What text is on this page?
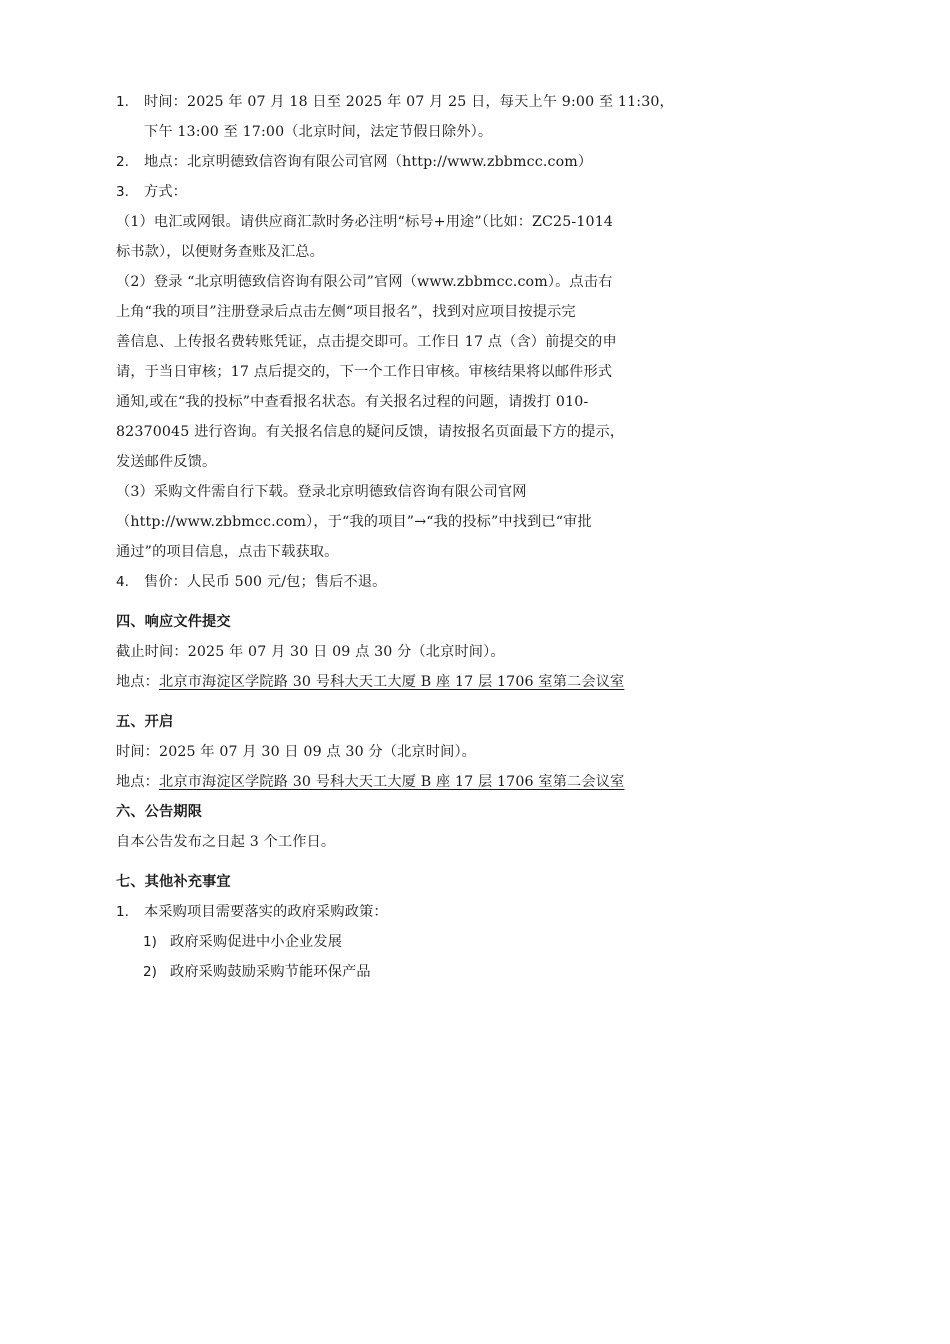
1. 时间：2025 年 07 月 18 日至 2025 年 07 月 25 日，每天上午 9:00 至 11:30，
下午 13:00 至 17:00（北京时间，法定节假日除外）。
2. 地点：北京明德致信咨询有限公司官网（http://www.zbbmcc.com）
3. 方式：
（1）电汇或网银。请供应商汇款时务必注明“标号+用途”（比如：ZC25-1014
标书款），以便财务查账及汇总。
（2）登录 “北京明德致信咨询有限公司”官网（www.zbbmcc.com）。点击右
上角“我的项目”注册登录后点击左侧“项目报名”，找到对应项目按提示完
善信息、上传报名费转账凭证，点击提交即可。工作日 17 点（含）前提交的申
请，于当日审核；17 点后提交的，下一个工作日审核。审核结果将以邮件形式
通知,或在“我的投标”中查看报名状态。有关报名过程的问题，请拨打 010-
82370045 进行咨询。有关报名信息的疑问反馈，请按报名页面最下方的提示，
发送邮件反馈。
（3）采购文件需自行下载。登录北京明德致信咨询有限公司官网
（http://www.zbbmcc.com），于“我的项目”→“我的投标”中找到已“审批
通过”的项目信息，点击下载获取。
4. 售价：人民币 500 元/包；售后不退。
四、响应文件提交
截止时间：2025 年 07 月 30 日 09 点 30 分（北京时间）。
地点：北京市海淀区学院路 30 号科大天工大厦 B 座 17 层 1706 室第二会议室
五、开启
时间：2025 年 07 月 30 日 09 点 30 分（北京时间）。
地点：北京市海淀区学院路 30 号科大天工大厦 B 座 17 层 1706 室第二会议室
六、公告期限
自本公告发布之日起 3 个工作日。
七、其他补充事宜
1. 本采购项目需要落实的政府采购政策：
1) 政府采购促进中小企业发展
2) 政府采购鼓励采购节能环保产品
